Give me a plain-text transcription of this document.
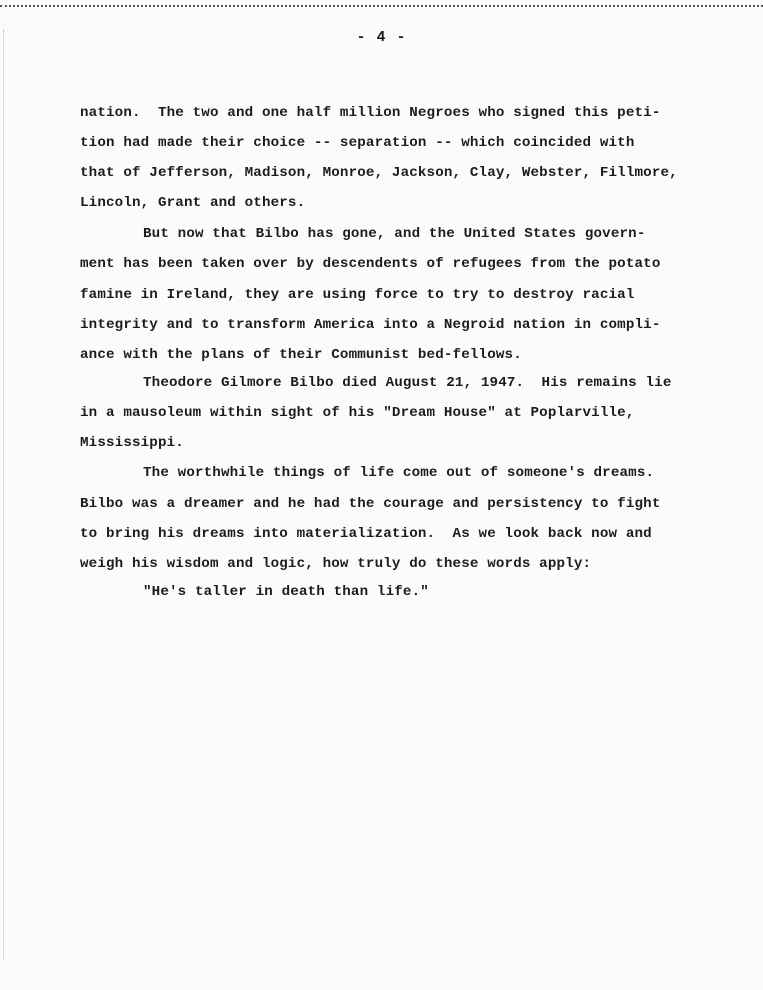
- 4 -
nation.  The two and one half million Negroes who signed this peti-
tion had made their choice -- separation -- which coincided with
that of Jefferson, Madison, Monroe, Jackson, Clay, Webster, Fillmore,
Lincoln, Grant and others.
But now that Bilbo has gone, and the United States govern-
ment has been taken over by descendents of refugees from the potato
famine in Ireland, they are using force to try to destroy racial
integrity and to transform America into a Negroid nation in compli-
ance with the plans of their Communist bed-fellows.
Theodore Gilmore Bilbo died August 21, 1947.  His remains lie
in a mausoleum within sight of his "Dream House" at Poplarville,
Mississippi.
The worthwhile things of life come out of someone's dreams.
Bilbo was a dreamer and he had the courage and persistency to fight
to bring his dreams into materialization.  As we look back now and
weigh his wisdom and logic, how truly do these words apply:
"He's taller in death than life."
